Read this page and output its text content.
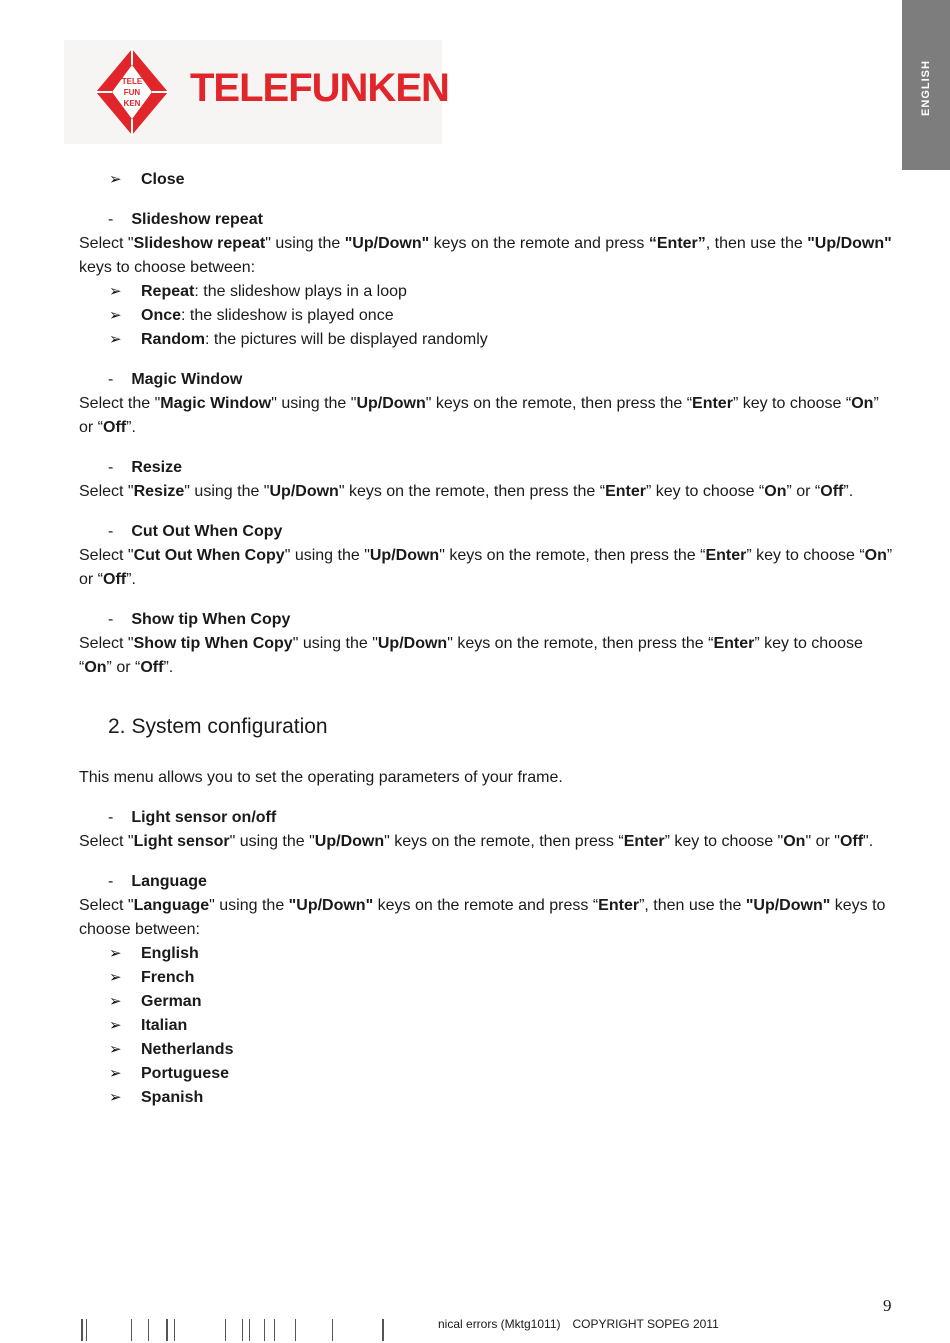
ENGLISH
TELE
FUN
KEN TELEFUNKEN
➢ Close
- Slideshow repeat

Select "Slideshow repeat" using the "Up/Down" keys on the remote and press “Enter”, then use the "Up/Down" keys to choose between:

➢ Repeat: the slideshow plays in a loop
➢ Once: the slideshow is played once
➢ Random: the pictures will be displayed randomly
- Magic Window

Select the "Magic Window" using the "Up/Down" keys on the remote, then press the “Enter” key to choose “On” or “Off”.

- Resize

Select "Resize" using the "Up/Down" keys on the remote, then press the “Enter” key to choose “On” or “Off”.

- Cut Out When Copy

Select "Cut Out When Copy" using the "Up/Down" keys on the remote, then press the “Enter” key to choose “On” or “Off”.

- Show tip When Copy

Select "Show tip When Copy" using the "Up/Down" keys on the remote, then press the “Enter” key to choose “On” or “Off”.

2. System configuration

This menu allows you to set the operating parameters of your frame.

- Light sensor on/off

Select "Light sensor" using the "Up/Down" keys on the remote, then press “Enter” key to choose "On" or "Off".

- Language

Select "Language" using the "Up/Down" keys on the remote and press “Enter”, then use the "Up/Down" keys to choose between:

➢ English
➢ French
➢ German
➢ Italian
➢ Netherlands
➢ Portuguese
➢ Spanish
9
nical errors (Mktg1011) COPYRIGHT SOPEG 2011
